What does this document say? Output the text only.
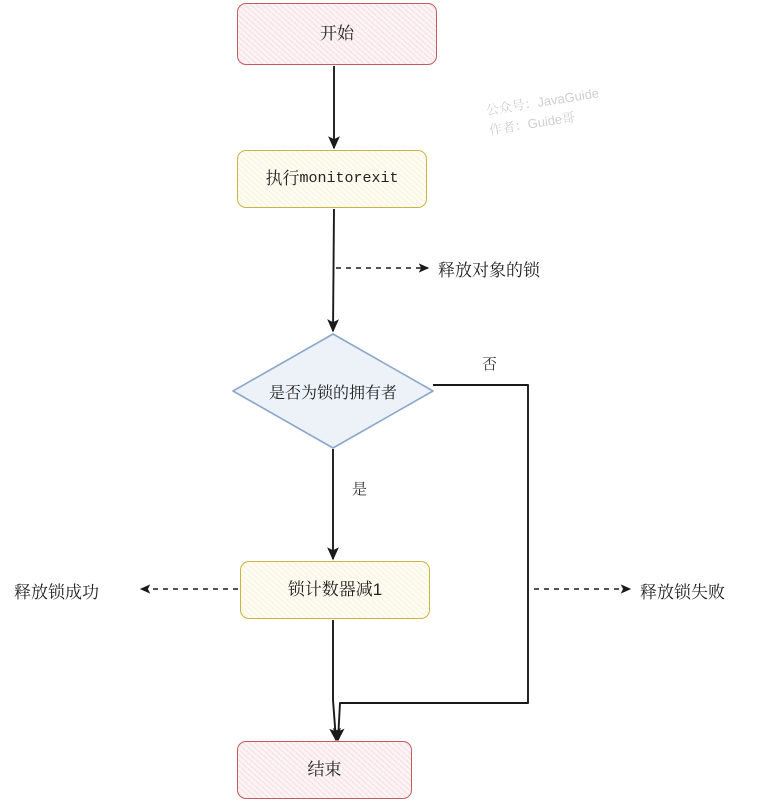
开始
执行 monitorexit
是否为锁的拥有者
锁计数器减1
结束
否
是
释放对象的锁
释放锁成功	释放锁失败
公众号：JavaGuide
作者：Guide哥
